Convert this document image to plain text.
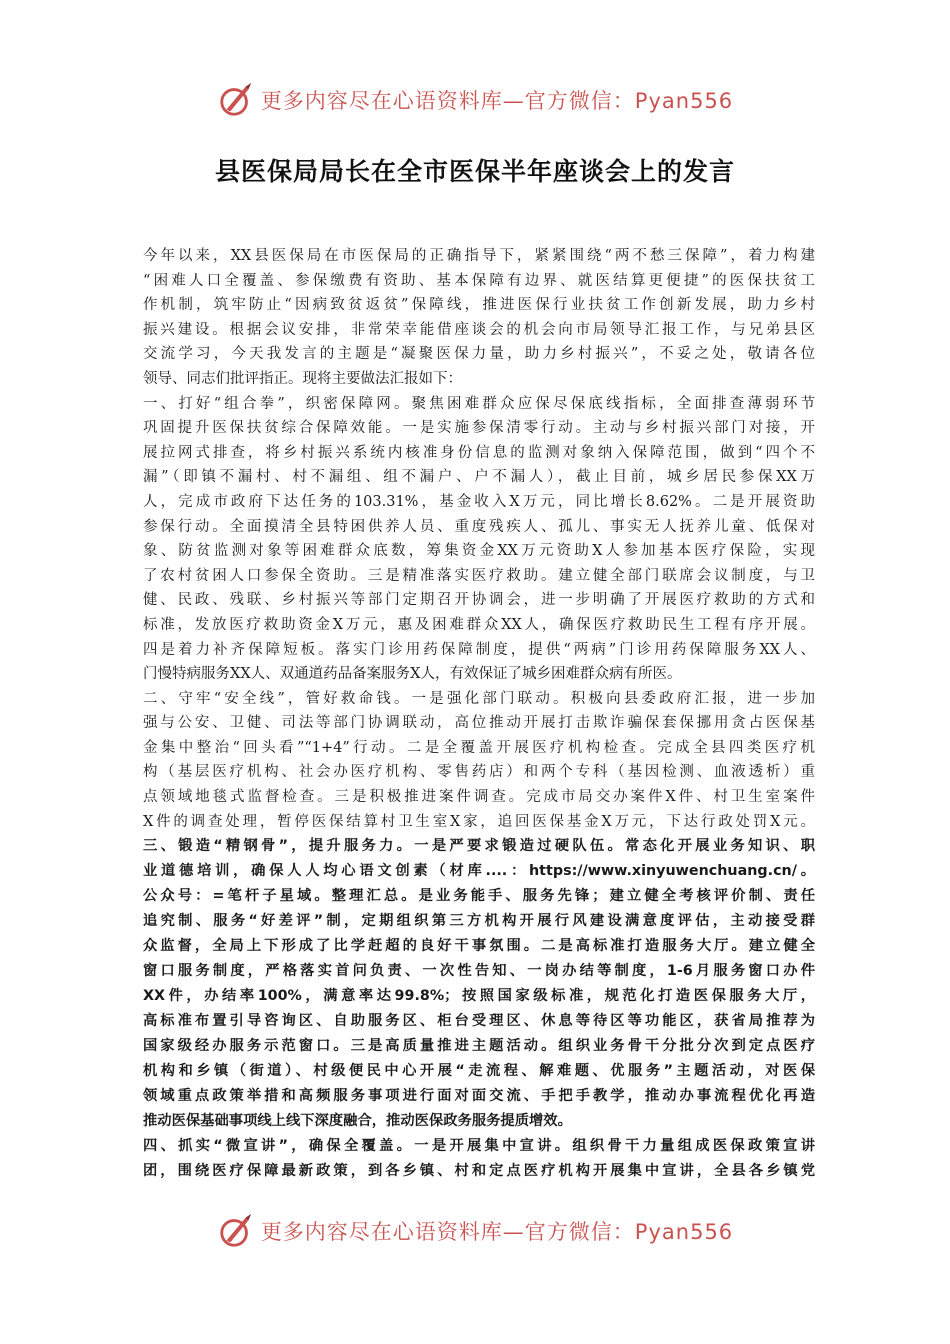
更多内容尽在心语资料库—官方微信：Pyan556
县医保局局长在全市医保半年座谈会上的发言
今年以来，XX县医保局在市医保局的正确指导下，紧紧围绕“两不愁三保障”，着力构建
“困难人口全覆盖、参保缴费有资助、基本保障有边界、就医结算更便捷”的医保扶贫工
作机制，筑牢防止“因病致贫返贫”保障线，推进医保行业扶贫工作创新发展，助力乡村
振兴建设。根据会议安排，非常荣幸能借座谈会的机会向市局领导汇报工作，与兄弟县区
交流学习，今天我发言的主题是“凝聚医保力量，助力乡村振兴”，不妥之处，敬请各位
领导、同志们批评指正。现将主要做法汇报如下：
一、打好“组合拳”，织密保障网。聚焦困难群众应保尽保底线指标，全面排查薄弱环节
巩固提升医保扶贫综合保障效能。一是实施参保清零行动。主动与乡村振兴部门对接，开
展拉网式排查，将乡村振兴系统内核准身份信息的监测对象纳入保障范围，做到“四个不
漏”（即镇不漏村、村不漏组、组不漏户、户不漏人），截止目前，城乡居民参保XX万
人，完成市政府下达任务的103.31%，基金收入X万元，同比增长8.62%。二是开展资助
参保行动。全面摸清全县特困供养人员、重度残疾人、孤儿、事实无人抚养儿童、低保对
象、防贫监测对象等困难群众底数，筹集资金XX万元资助X人参加基本医疗保险，实现
了农村贫困人口参保全资助。三是精准落实医疗救助。建立健全部门联席会议制度，与卫
健、民政、残联、乡村振兴等部门定期召开协调会，进一步明确了开展医疗救助的方式和
标准，发放医疗救助资金X万元，惠及困难群众XX人，确保医疗救助民生工程有序开展。
四是着力补齐保障短板。落实门诊用药保障制度，提供“两病”门诊用药保障服务XX人、
门慢特病服务XX人、双通道药品备案服务X人，有效保证了城乡困难群众病有所医。
二、守牢“安全线”，管好救命钱。一是强化部门联动。积极向县委政府汇报，进一步加
强与公安、卫健、司法等部门协调联动，高位推动开展打击欺诈骗保套保挪用贪占医保基
金集中整治“回头看”“1+4”行动。二是全覆盖开展医疗机构检查。完成全县四类医疗机
构（基层医疗机构、社会办医疗机构、零售药店）和两个专科（基因检测、血液透析）重
点领域地毯式监督检查。三是积极推进案件调查。完成市局交办案件X件、村卫生室案件
X件的调查处理，暂停医保结算村卫生室X家，追回医保基金X万元，下达行政处罚X元。
三、锻造“精钢骨”，提升服务力。一是严要求锻造过硬队伍。常态化开展业务知识、职
业道德培训，确保人人均心语文创素（材库....：https://www.xinyuwenchuang.cn/。
公众号：=笔杆子星域。整理汇总。是业务能手、服务先锋；建立健全考核评价制、责任
追究制、服务“好差评”制，定期组织第三方机构开展行风建设满意度评估，主动接受群
众监督，全局上下形成了比学赶超的良好干事氛围。二是高标准打造服务大厅。建立健全
窗口服务制度，严格落实首问负责、一次性告知、一岗办结等制度，1-6月服务窗口办件
XX件，办结率100%，满意率达99.8%；按照国家级标准，规范化打造医保服务大厅，
高标准布置引导咨询区、自助服务区、柜台受理区、休息等待区等功能区，获省局推荐为
国家级经办服务示范窗口。三是高质量推进主题活动。组织业务骨干分批分次到定点医疗
机构和乡镇（街道）、村级便民中心开展“走流程、解难题、优服务”主题活动，对医保
领域重点政策举措和高频服务事项进行面对面交流、手把手教学，推动办事流程优化再造
推动医保基础事项线上线下深度融合，推动医保政务服务提质增效。
四、抓实“微宣讲”，确保全覆盖。一是开展集中宣讲。组织骨干力量组成医保政策宣讲
团，围绕医疗保障最新政策，到各乡镇、村和定点医疗机构开展集中宣讲，全县各乡镇党
更多内容尽在心语资料库—官方微信：Pyan556
